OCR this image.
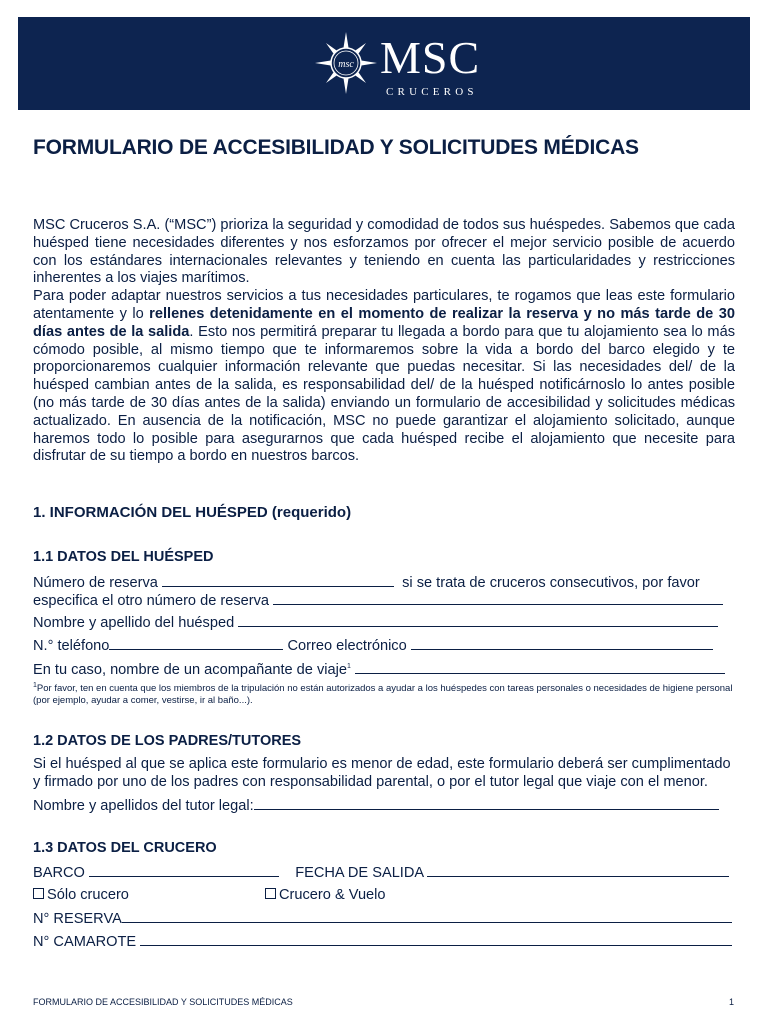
msc MSC
CRUCEROS
FORMULARIO DE ACCESIBILIDAD Y SOLICITUDES MÉDICAS

MSC Cruceros S.A. (“MSC”) prioriza la seguridad y comodidad de todos sus huéspedes. Sabemos que cada huésped tiene necesidades diferentes y nos esforzamos por ofrecer el mejor servicio posible de acuerdo con los estándares internacionales relevantes y teniendo en cuenta las particularidades y restricciones inherentes a los viajes marítimos.

Para poder adaptar nuestros servicios a tus necesidades particulares, te rogamos que leas este formulario atentamente y lo rellenes detenidamente en el momento de realizar la reserva y no más tarde de 30 días antes de la salida. Esto nos permitirá preparar tu llegada a bordo para que tu alojamiento sea lo más cómodo posible, al mismo tiempo que te informaremos sobre la vida a bordo del barco elegido y te proporcionaremos cualquier información relevante que puedas necesitar. Si las necesidades del/ de la huésped cambian antes de la salida, es responsabilidad del/ de la huésped notificárnoslo lo antes posible (no más tarde de 30 días antes de la salida) enviando un formulario de accesibilidad y solicitudes médicas actualizado. En ausencia de la notificación, MSC no puede garantizar el alojamiento solicitado, aunque haremos todo lo posible para asegurarnos que cada huésped recibe el alojamiento que necesite para disfrutar de su tiempo a bordo en nuestros barcos.

1. INFORMACIÓN DEL HUÉSPED (requerido)
1.1 DATOS DEL HUÉSPED
Número de reserva	si se trata de cruceros consecutivos, por favor
especifica el otro número de reserva
Nombre y apellido del huésped
N.° teléfono	Correo electrónico
En tu caso, nombre de un acompañante de viaje$^1$
$^1$Por favor, ten en cuenta que los miembros de la tripulación no están autorizados a ayudar a los huéspedes con tareas personales o necesidades de higiene personal (por ejemplo, ayudar a comer, vestirse, ir al baño...).
1.2 DATOS DE LOS PADRES/TUTORES
Si el huésped al que se aplica este formulario es menor de edad, este formulario deberá ser cumplimentado y firmado por uno de los padres con responsabilidad parental, o por el tutor legal que viaje con el menor.
Nombre y apellidos del tutor legal:
1.3 DATOS DEL CRUCERO
BARCO	FECHA DE SALIDA
Sólo crucero	Crucero & Vuelo
N° RESERVA
N° CAMAROTE
FORMULARIO DE ACCESIBILIDAD Y SOLICITUDES MÉDICAS	1
